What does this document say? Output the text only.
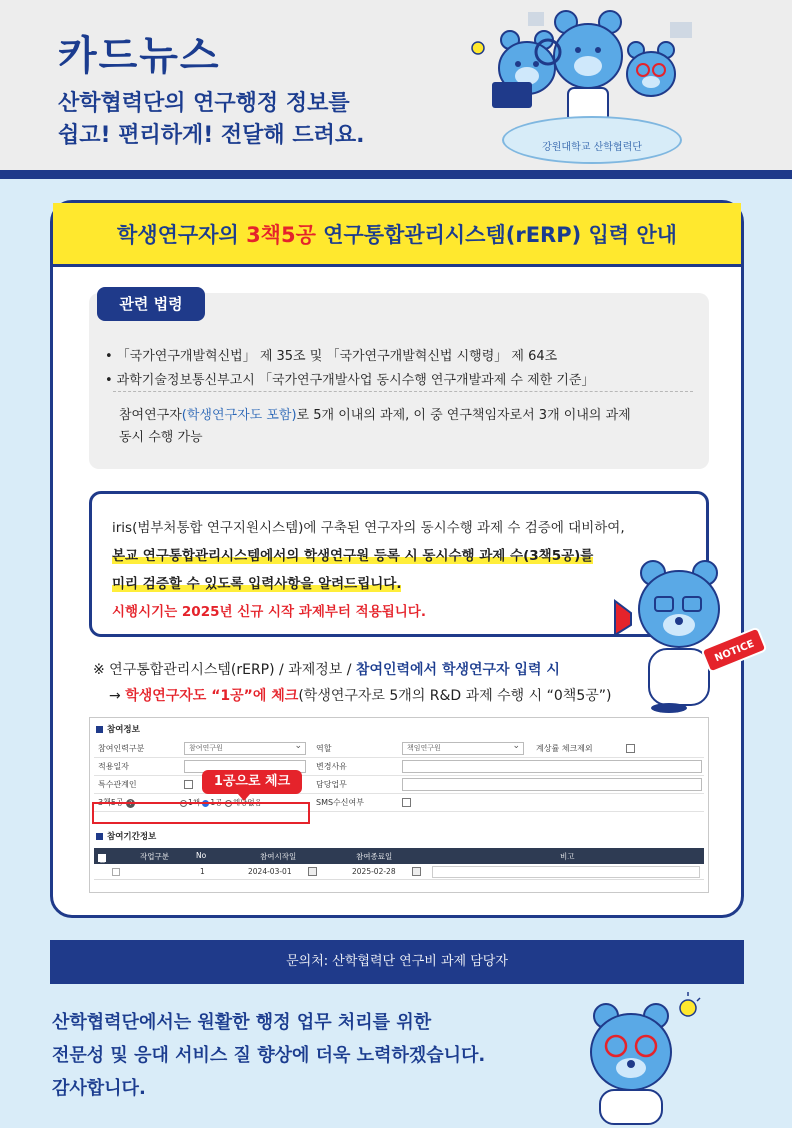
카드뉴스
산학협력단의 연구행정 정보를
쉽고! 편리하게! 전달해 드려요.	강원대학교 산학협력단
학생연구자의 3책5공 연구통합관리시스템(rERP) 입력 안내
관련 법령
• 「국가연구개발혁신법」 제 35조 및 「국가연구개발혁신법 시행령」 제 64조
• 과학기술정보통신부고시 「국가연구개발사업 동시수행 연구개발과제 수 제한 기준」
참여연구자(학생연구자도 포함)로 5개 이내의 과제, 이 중 연구책임자로서 3개 이내의 과제
동시 수행 가능
iris(범부처통합 연구지원시스템)에 구축된 연구자의 동시수행 과제 수 검증에 대비하여,
본교 연구통합관리시스템에서의 학생연구원 등록 시 동시수행 과제 수(3책5공)를
미리 검증할 수 있도록 입력사항을 알려드립니다.
시행시기는 2025년 신규 시작 과제부터 적용됩니다.
NOTICE
※ 연구통합관리시스템(rERP) / 과제정보 / 참여인력에서 학생연구자 입력 시
→ 학생연구자도 “1공”에 체크(학생연구자로 5개의 R&D 과제 수행 시 “0책5공”)
참여정보
참여인력구분	참여연구원 ⌄	역할	책임연구원 ⌄	계상률 체크제외
적용일자	변경사유
특수관계인	담당업무
3책5공 ?	1책 1공 해당없음	SMS수신여부
1공으로 체크
참여기간정보
선택
작업구분	No	참여시작일	참여종료일	비고
1	2024-03-01	2025-02-28
문의처: 산학협력단 연구비 과제 담당자
산학협력단에서는 원활한 행정 업무 처리를 위한
전문성 및 응대 서비스 질 향상에 더욱 노력하겠습니다.
감사합니다.
